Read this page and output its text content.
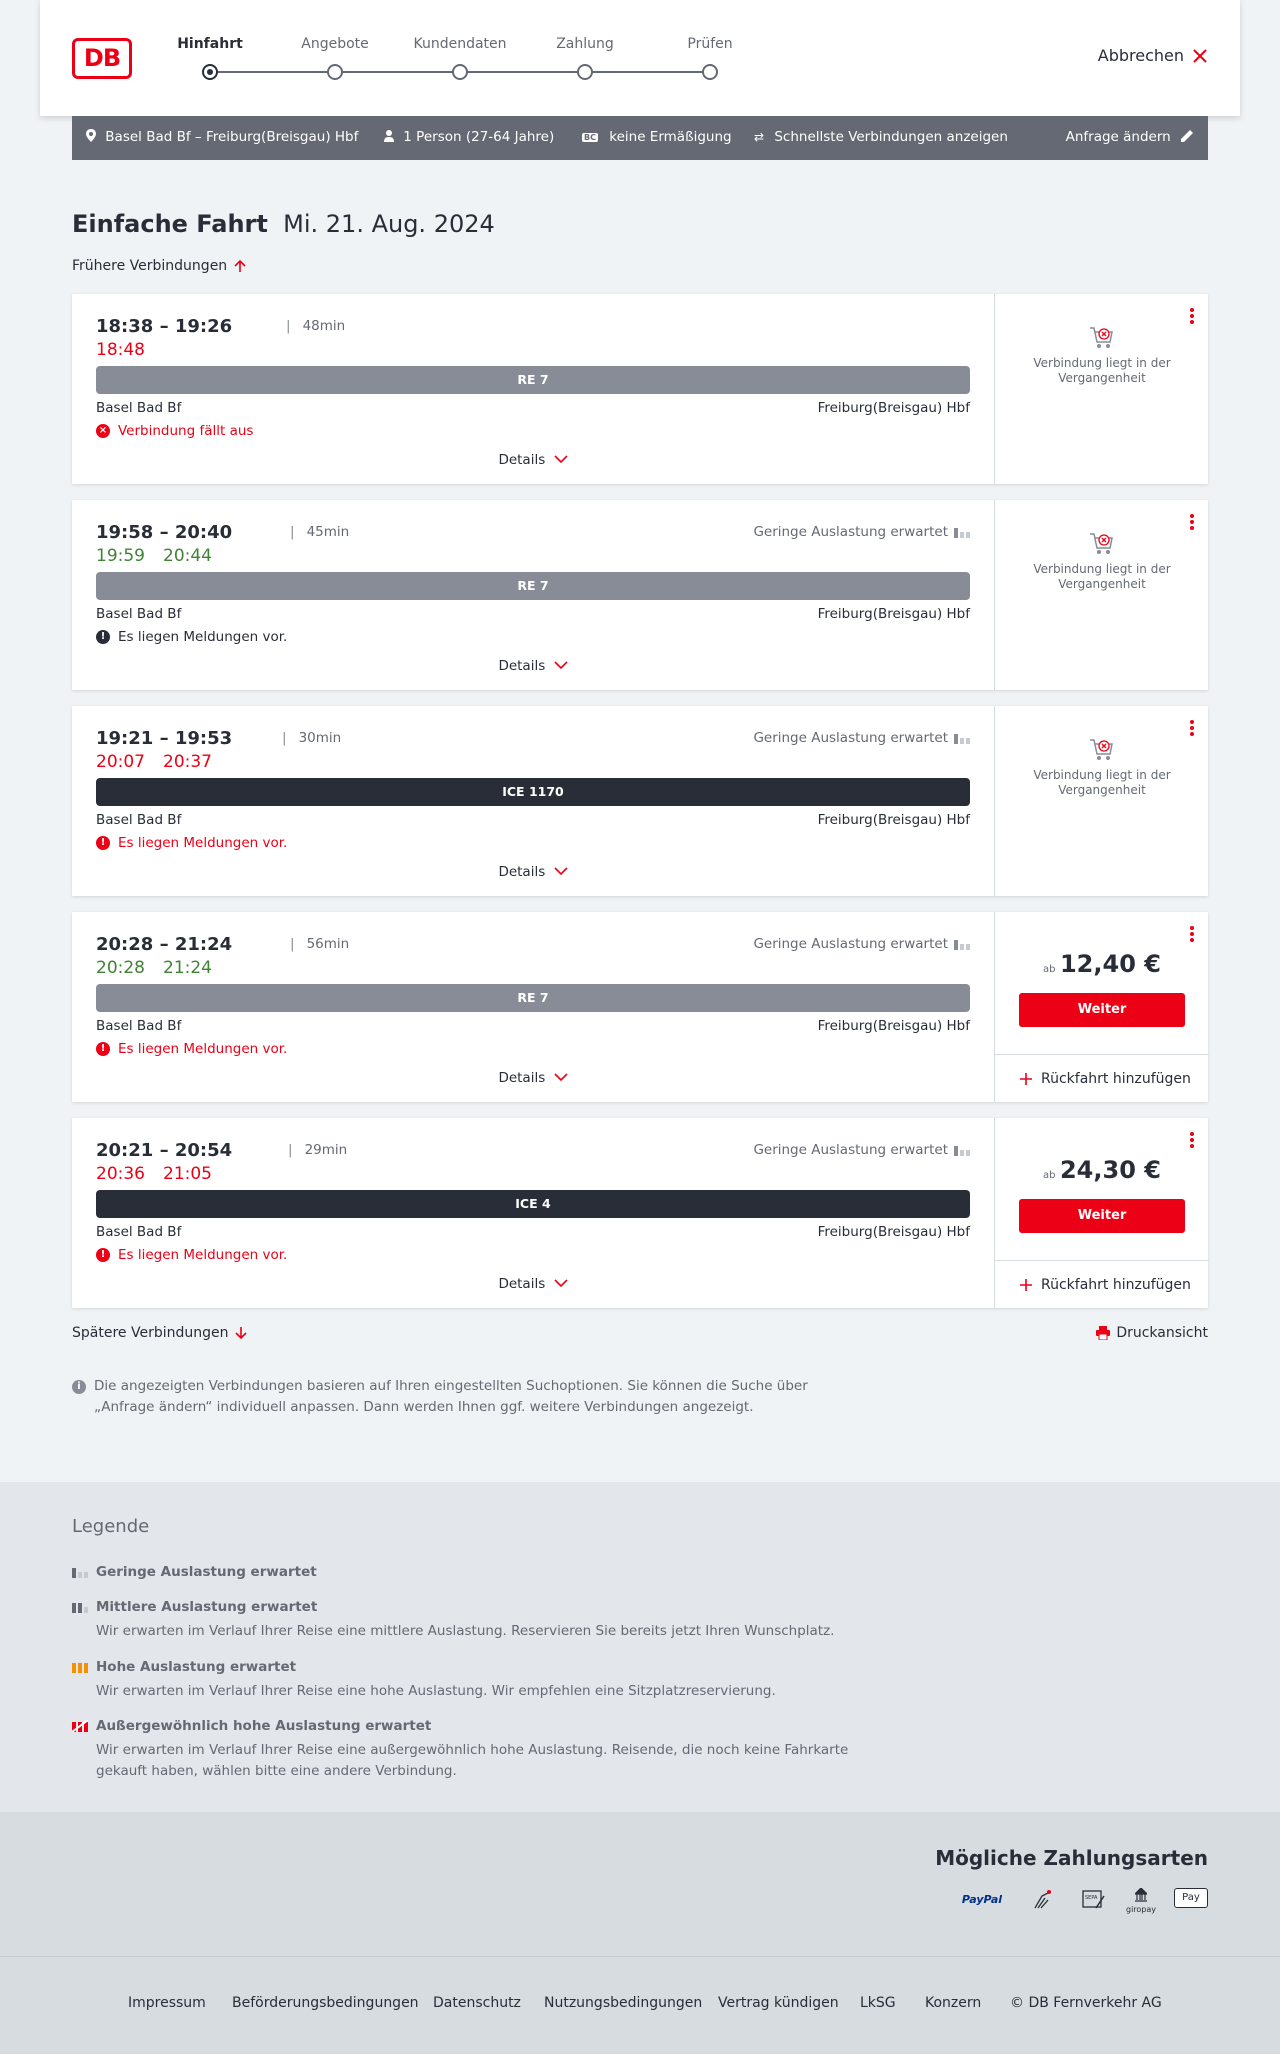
DB	Hinfahrt	Angebote	Kundendaten	Zahlung	Prüfen
Abbrechen
Basel Bad Bf – Freiburg(Breisgau) Hbf	1 Person (27-64 Jahre)	BC keine Ermäßigung ⇄ Schnellste Verbindungen anzeigen	Anfrage ändern
Einfache Fahrt Mi. 21. Aug. 2024
Frühere Verbindungen
18:38 – 19:26	| 48min
18:48
RE 7
Basel Bad Bf	Freiburg(Breisgau) Hbf
× Verbindung fällt aus
Details
Verbindung liegt in der Vergangenheit
19:58 – 20:40	| 45min
19:59 20:44
Geringe Auslastung erwartet
RE 7
Basel Bad Bf	Freiburg(Breisgau) Hbf
! Es liegen Meldungen vor.
Details
Verbindung liegt in der Vergangenheit
19:21 – 19:53	| 30min
20:07 20:37
Geringe Auslastung erwartet
ICE 1170
Basel Bad Bf	Freiburg(Breisgau) Hbf
! Es liegen Meldungen vor.
Details
Verbindung liegt in der Vergangenheit
20:28 – 21:24	| 56min
20:28 21:24
Geringe Auslastung erwartet
RE 7
Basel Bad Bf	Freiburg(Breisgau) Hbf
! Es liegen Meldungen vor.
Details
ab 12,40 €
Weiter
Rückfahrt hinzufügen
20:21 – 20:54	| 29min
20:36 21:05
Geringe Auslastung erwartet
ICE 4
Basel Bad Bf	Freiburg(Breisgau) Hbf
! Es liegen Meldungen vor.
Details
ab 24,30 €
Weiter
Rückfahrt hinzufügen
Spätere Verbindungen	Druckansicht
i Die angezeigten Verbindungen basieren auf Ihren eingestellten Suchoptionen. Sie können die Suche über „Anfrage ändern“ individuell anpassen. Dann werden Ihnen ggf. weitere Verbindungen angezeigt.
Legende
Geringe Auslastung erwartet
Mittlere Auslastung erwartet
Wir erwarten im Verlauf Ihrer Reise eine mittlere Auslastung. Reservieren Sie bereits jetzt Ihren Wunschplatz.
Hohe Auslastung erwartet
Wir erwarten im Verlauf Ihrer Reise eine hohe Auslastung. Wir empfehlen eine Sitzplatzreservierung.
Außergewöhnlich hohe Auslastung erwartet
Wir erwarten im Verlauf Ihrer Reise eine außergewöhnlich hohe Auslastung. Reisende, die noch keine Fahrkarte gekauft haben, wählen bitte eine andere Verbindung.
Mögliche Zahlungsarten
PayPal	SEPA
giropay
Pay
Impressum Beförderungsbedingungen Datenschutz Nutzungsbedingungen Vertrag kündigen LkSG Konzern © DB Fernverkehr AG
